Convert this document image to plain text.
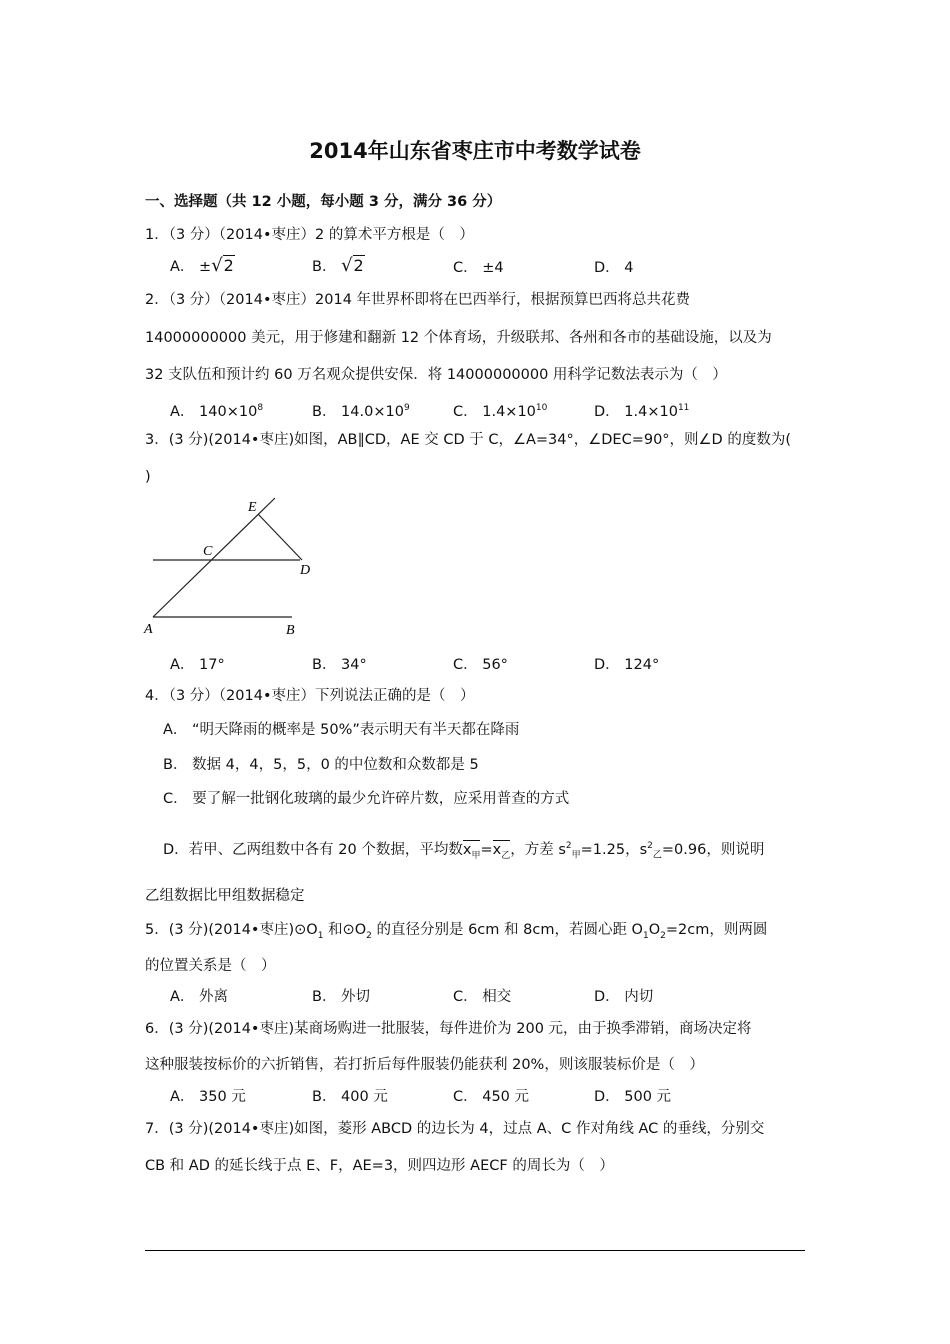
2014年山东省枣庄市中考数学试卷
一、选择题（共 12 小题，每小题 3 分，满分 36 分）
1．（3 分）（2014•枣庄）2 的算术平方根是（　）
A． ±√2	B． √2	C． ±4	D． 4
2．（3 分）（2014•枣庄）2014 年世界杯即将在巴西举行，根据预算巴西将总共花费
14000000000 美元，用于修建和翻新 12 个体育场，升级联邦、各州和各市的基础设施，以及为
32 支队伍和预计约 60 万名观众提供安保．将 14000000000 用科学记数法表示为（　）
A． $140\times 10^8$	B． $14.0\times 10^9$	C． $1.4\times 10^{10}$	D． $1.4\times 10^{11}$
3．(3 分)(2014•枣庄)如图，AB∥CD，AE 交 CD 于 C，∠A=34°，∠DEC=90°，则∠D 的度数为(
)
E
C
D
A	B
A． 17°	B． 34°	C． 56°	D． 124°
4．（3 分）（2014•枣庄）下列说法正确的是（　）
A． “明天降雨的概率是 50%”表示明天有半天都在降雨
B． 数据 4，4，5，5，0 的中位数和众数都是 5
C． 要了解一批钢化玻璃的最少允许碎片数，应采用普查的方式
D．若甲、乙两组数中各有 20 个数据，平均数$x_甲=x_乙$，方差 $s^2_甲=1.25$，$s^2_乙=0.96$，则说明
乙组数据比甲组数据稳定
5．(3 分)(2014•枣庄)$⊙O_1$ 和$⊙O_2$ 的直径分别是 6cm 和 8cm，若圆心距 $O_1O_2=2cm$，则两圆
的位置关系是（　）
A． 外离	B． 外切	C． 相交	D． 内切
6．(3 分)(2014•枣庄)某商场购进一批服装，每件进价为 200 元，由于换季滞销，商场决定将
这种服装按标价的六折销售，若打折后每件服装仍能获利 20%，则该服装标价是（　）
A． 350 元	B． 400 元	C． 450 元	D． 500 元
7．(3 分)(2014•枣庄)如图，菱形 ABCD 的边长为 4，过点 A、C 作对角线 AC 的垂线，分别交
CB 和 AD 的延长线于点 E、F，AE=3，则四边形 AECF 的周长为（　）
